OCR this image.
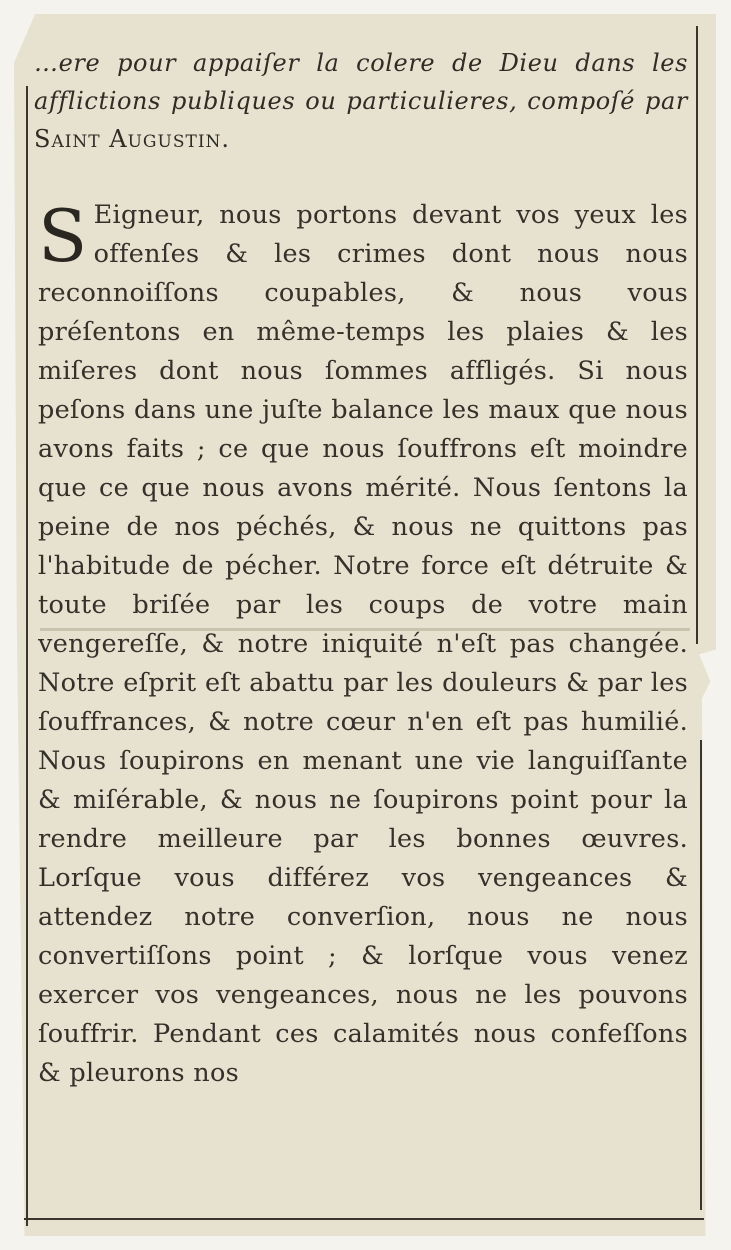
…ere pour appaiſer la colere de Dieu dans les afflictions publiques ou particulieres, compoſé par Saint Augustin.

S Eigneur, nous portons devant vos yeux les offenſes & les crimes dont nous nous reconnoiſſons coupables, & nous vous préſentons en même-temps les plaies & les miſeres dont nous ſommes affligés. Si nous peſons dans une juſte balance les maux que nous avons faits ; ce que nous ſouffrons eſt moindre que ce que nous avons mérité. Nous ſentons la peine de nos péchés, & nous ne quittons pas l'habitude de pécher. Notre force eſt détruite & toute briſée par les coups de votre main vengereſſe, & notre iniquité n'eſt pas changée. Notre eſprit eſt abattu par les douleurs & par les ſouffrances, & notre cœur n'en eſt pas humilié. Nous ſoupirons en menant une vie languiſſante & miſérable, & nous ne ſoupirons point pour la rendre meilleure par les bonnes œuvres. Lorſque vous différez vos vengeances & attendez notre converſion, nous ne nous convertiſſons point ; & lorſque vous venez exercer vos vengeances, nous ne les pouvons ſouffrir. Pendant ces calamités nous confeſſons & pleurons nos
